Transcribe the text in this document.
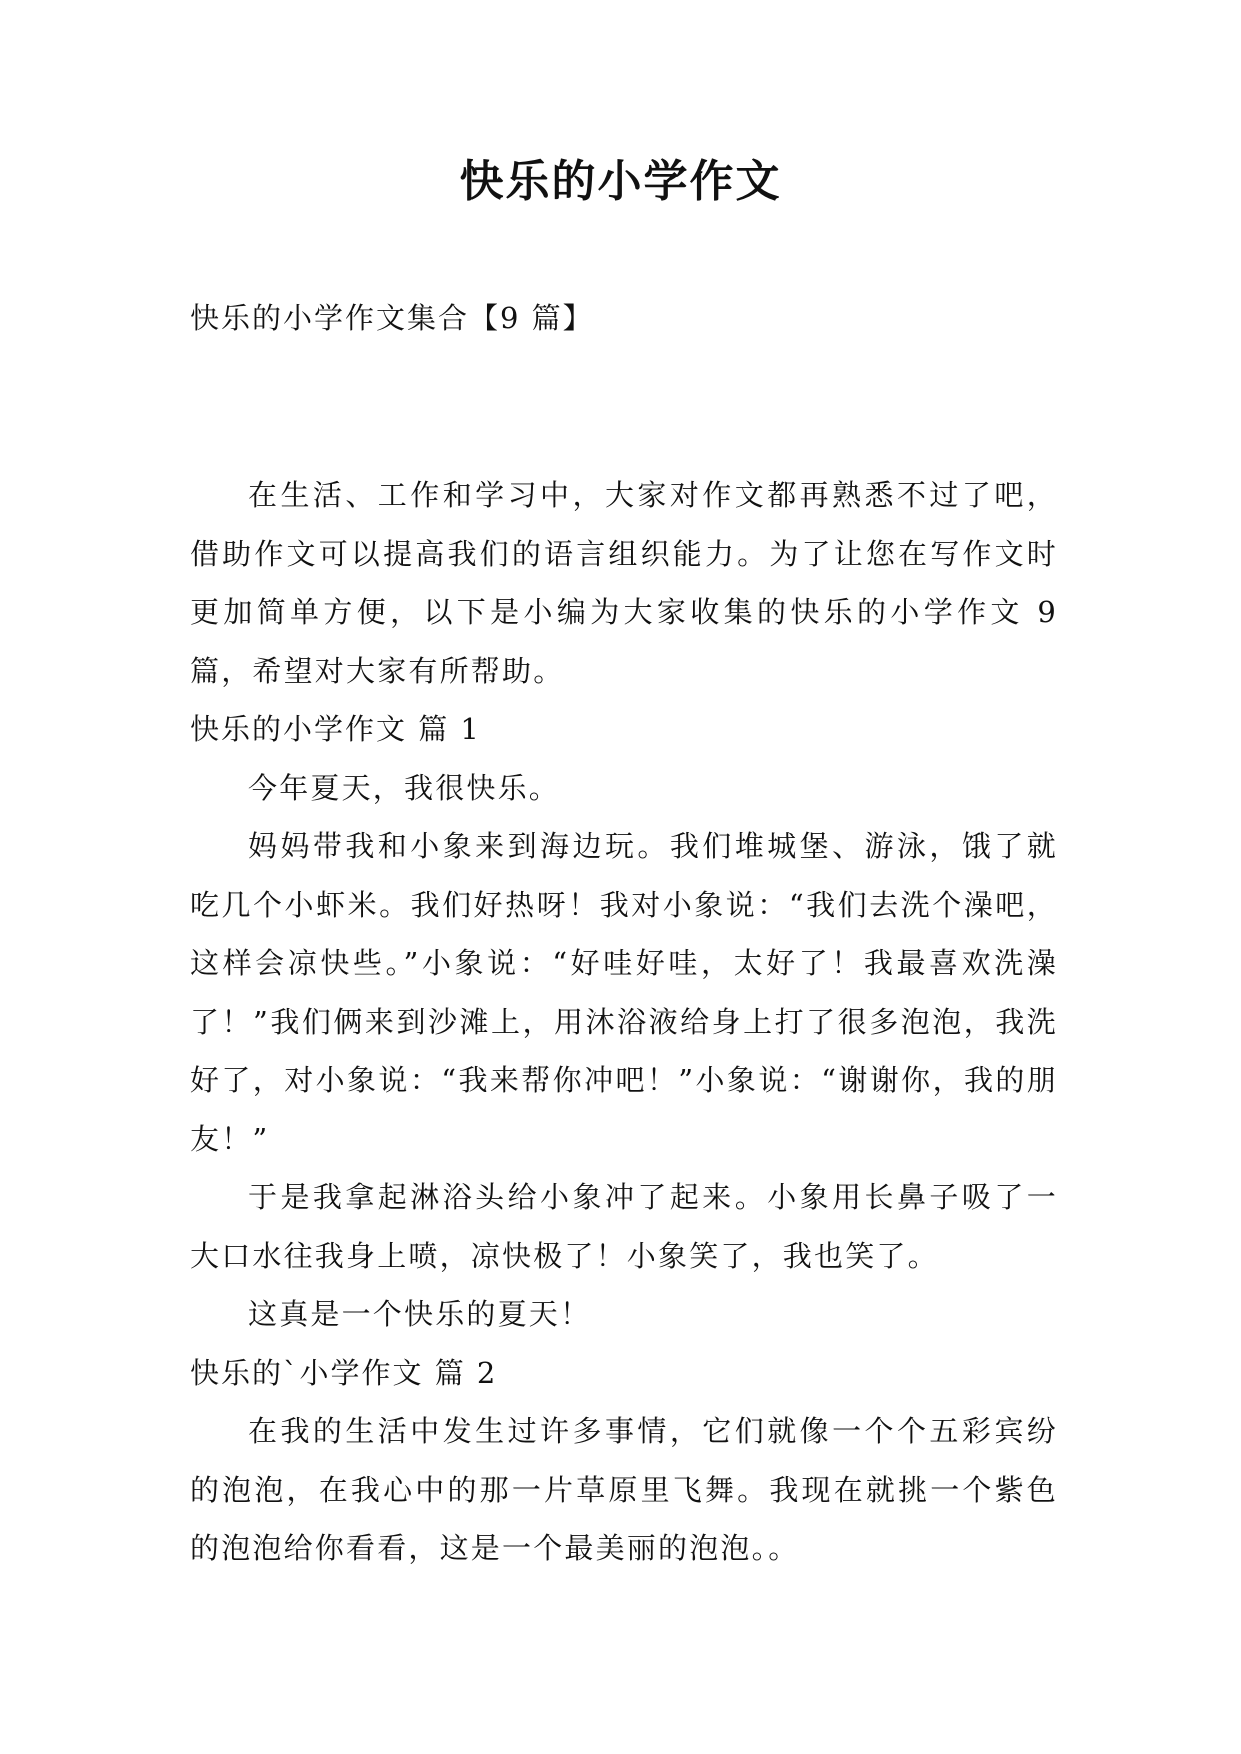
快乐的小学作文
快乐的小学作文集合【9 篇】

在生活、工作和学习中，大家对作文都再熟悉不过了吧，借助作文可以提高我们的语言组织能力。为了让您在写作文时更加简单方便，以下是小编为大家收集的快乐的小学作文 9 篇，希望对大家有所帮助。

快乐的小学作文 篇 1

今年夏天，我很快乐。

妈妈带我和小象来到海边玩。我们堆城堡、游泳，饿了就吃几个小虾米。我们好热呀！我对小象说：“我们去洗个澡吧，这样会凉快些。”小象说：“好哇好哇，太好了！我最喜欢洗澡了！”我们俩来到沙滩上，用沐浴液给身上打了很多泡泡，我洗好了，对小象说：“我来帮你冲吧！”小象说：“谢谢你，我的朋友！”

于是我拿起淋浴头给小象冲了起来。小象用长鼻子吸了一大口水往我身上喷，凉快极了！小象笑了，我也笑了。

这真是一个快乐的夏天！

快乐的`小学作文 篇 2

在我的生活中发生过许多事情，它们就像一个个五彩宾纷的泡泡，在我心中的那一片草原里飞舞。我现在就挑一个紫色的泡泡给你看看，这是一个最美丽的泡泡。。
